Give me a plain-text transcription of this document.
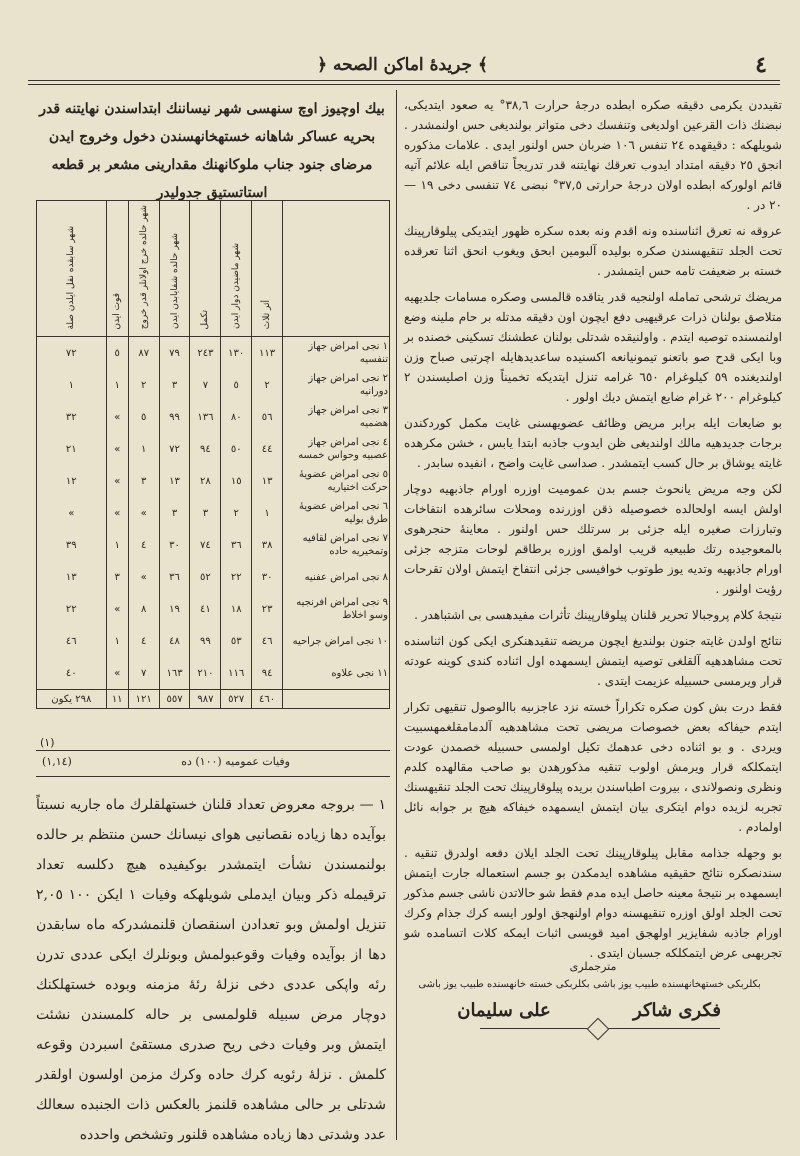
٤
﴿ جريدهٔ اماكن الصحه ﴾

تقيددن يكرمى دقيقه صكره ابطده درجهٔ حرارت ٣٨,٦° يه صعود ايتديكى، نبضنك ذات القرعين اولديغى وتنفسك دخى متواتر بولنديغى حس اولنمشدر . شويلهكه : دقيقهده ٢٤ تنفس ١٠٦ ضربان حس اولنور ايدى . علامات مذكوره انجق ٢٥ دقيقه امتداد ايدوب تعرقك نهايتنه قدر تدريجاً تناقص ايله علائم آتيه قائم اولوركه ابطده اولان درجهٔ حرارتى ٣٧,٥° نبضى ٧٤ تنفسى دخى ١٩ — ٢٠ در .

عروقه نه تعرق اثناسنده ونه اقدم ونه بعده سكره ظهور ايتديكى پيلوقارپينك تحت الجلد تنقيهسندن صكره بوليده آلبومين ابحق ويغوب انحق اثنا تعرقده خسته بر ضعيفت تامه حس ايتمشدر .

مريضك ترشحى تمامله اولنجيه قدر يتاقده قالمسى وصكره مسامات جلديهيه متلاصق بولنان ذرات عرقيهيى دفع ايچون اون دقيقه مدتله بر حام ملينه وضع اولنمسنده توصيه ايتدم . واولنيقده شدتلى بولنان عطشنك تسكينى خصنده بر وبا ايكى قدح صو باتعنو تيمونيانعه اكسنيده ساعديدهايله اچرتبى صباح وزن اولنديغنده ٥٩ كيلوغرام ٦٥٠ غرامه تنزل ايتديكه تخميناً وزن اصلیسندن ٢ كيلوغرام ٢٠٠ غرام ضايع ايتمش ديك اولور .

بو ضايعات ايله برابر مريض وظائف عضويهسنى غايت مكمل كوردكندن برجات جديدهيه مالك اولنديغى ظن ايدوب جاذبه ابتدا يابس ، خشن مكرهده غايته يوشاق بر حال كسب ايتمشدر . صداسى غايت واضح ، انفيده سابدر .

لكن وجه مريض يانحوث جسم بدن عموميت اوزره اورام جاذبهيه دوچار اولش ايسه اولحالده خصوصيله ذقن اوزرنده ومحلات سائرهده انتفاخات وتبارزات صغيره ايله جزئى بر سرتلك حس اولنور . معاينهٔ حنجرهوى بالمعوجيده رتك طبيعيه قريب اولمق اوزره برطاقم لوحات متزجه جزئى اورام جاذبهيه وتديه يوز طوتوب خوافيسى جزئى انتفاخ ايتمش اولان تقرحات رؤيت اولنور .

نتيجهٔ كلام پروجبالا تحرير قلنان پيلوقارپينك تأثرات مفيدهسى بى اشتباهدر .

نتائج اولدن غايته جنون بولنديغ ايچون مريضه تنقيدهنكرى ايكى كون اثناسنده تحت مشاهدهيه آلقلغى توصيه ايتمش ايسمهده اول اثناده كندى كوينه عودته قرار ويرمسى حسبيله عزيمت ايتدى .

فقط درت بش كون صكره تكراراً خسته نزد عاجزىيه باالوصول تنقيهى تكرار ايتدم حيفاكه بعض خصوصات مريضى تحت مشاهدهيه آلدمامقلغمهسبيت ويردى . و بو اثناده دخى عدهمك تكيل اولمسى حسبيله خصمدن عودت ايتمكلكه قرار ويرمش اولوب تنقيه مذكورهدن بو صاحب مقالهده كلدم ونظرى ونصولاندى ، بيروت اطباسندن بريده پيلوقارپينك تحت الجلد تنقيهسنك تجربه لزيده دوام ايتكرى بيان ايتمش ايسمهده خيفاكه هيچ بر جوابه نائل اولمادم .

بو وجهله جذامه مقابل پيلوقارپينك تحت الجلد ايلان دفعه اولدرق تنقيه . سندنصكره نتائج حقيقيه مشاهده ايدمكدن بو جسم استعماله جارت ايتمش ايسمهده بر نتيجهٔ معينه حاصل ايده مدم فقط شو حالاتدن ناشى جسم مذكور تحت الجلد اولق اوزره تنقيهسنه دوام اولنهجق اولور ايسه كرك جذام وكرك اورام جاذبه شفايزير اولهجق اميد قويسى اثبات ايمكه كلات اتسامده شو تجربهىى عرض ايتمكلكه جسبان ايتدى .

بيك اوچيوز اوچ سنهسى شهر نيساننك ابتداسندن نهايتنه قدر بحريه عساكر شاهانه خستهخانهسندن دخول وخروج ايدن مرضاى جنود جناب ملوكانهنك مقدارينى مشعر بر قطعه استاتستيق جدوليدر
	أثر ثلاث	شهر ماضيدن دوار ايدن	تكمل	شهر حالده شفايابدن ايدن	شهر حالده خرج اولانلر قدر خروج	قوت ايدن	شهر سابقده نقل ايلدن صلة
١ نجى امراض جهاز تنفسيه	١١٣	١٣٠	٢٤٣	٧٩	٨٧	٥	٧٢
٢ نجى امراض جهاز دورانيه	٢	٥	٧	٣	٢	١	١
٣ نجى امراض جهاز هضميه	٥٦	٨٠	١٣٦	٩٩	٥	»	٣٢
٤ نجى امراض جهاز عصبيه وحواس خمسه	٤٤	٥٠	٩٤	٧٢	١	»	٢١
٥ نجى امراض عضويهٔ حركت اختياريه	١٣	١٥	٢٨	١٣	٣	»	١٢
٦ نجى امراض عضويهٔ طرق بوليه	١	٢	٣	٣	»	»	»
٧ نجى امراض لقافيه وتمخيريه حاده	٣٨	٣٦	٧٤	٣٠	٤	١	٣٩
٨ نجى امراض عفنيه	٣٠	٢٢	٥٢	٣٦	»	٣	١٣
٩ نجى امراض افرنجيه وسو اخلاط	٢٣	١٨	٤١	١٩	٨	»	٢٢
١٠ نجى امراض جراحيه	٤٦	٥٣	٩٩	٤٨	٤	١	٤٦
١١ نجى علاوه	٩٤	١١٦	٢١٠	١٦٣	٧	»	٤٠
	٤٦٠	٥٢٧	٩٨٧	٥٥٧	١٢١	١١	٢٩٨ يكون
(١)
وفيات عموميه (١٠٠) ده
(١,١٤)

١ — بروجه معروض تعداد قلنان خستهلقلرك ماه جاريه نسبتاً بوآيده دها زياده نقصانيى هواى نيسانك حسن منتظم بر حالده بولنمسندن نشأت ايتمشدر بوكيفيده هيچ دكلسه تعداد ترقيمله ذكر وبيان ايدملى شويلهكه وفيات ١ ايكن ١٠٠ ٢,٠٥ تنزيل اولمش وبو تعدادن اسنقصان قلنمشدركه ماه سابقدن دها از بوآيده وفيات وقوعبولمش وبونلرك ايكى عددى تدرن رئه واپكى عددى دخى نزلهٔ رئهٔ مزمنه وبوده خستهلكنك دوچار مرض سبيله قلولمسى بر حاله كلمسندن نشئت ايتمش وبر وفيات دخى ريح صدرى مستقىٔ اسبردن وقوعه كلمش . نزلهٔ رئويه كرك حاده وكرك مزمن اولسون اولقدر شدتلى بر حالى مشاهده قلنمز بالعكس ذات الجنبده سعالك عدد وشدتى دها زياده مشاهده قلنور وتشخص واحدده

مترجملرى
بكلربكى خستهخانهسنده طبيب يوز باشى
فكرى شاكر
بكلربكى خسته خانهسنده طبيب يوز باشى
على سليمان
